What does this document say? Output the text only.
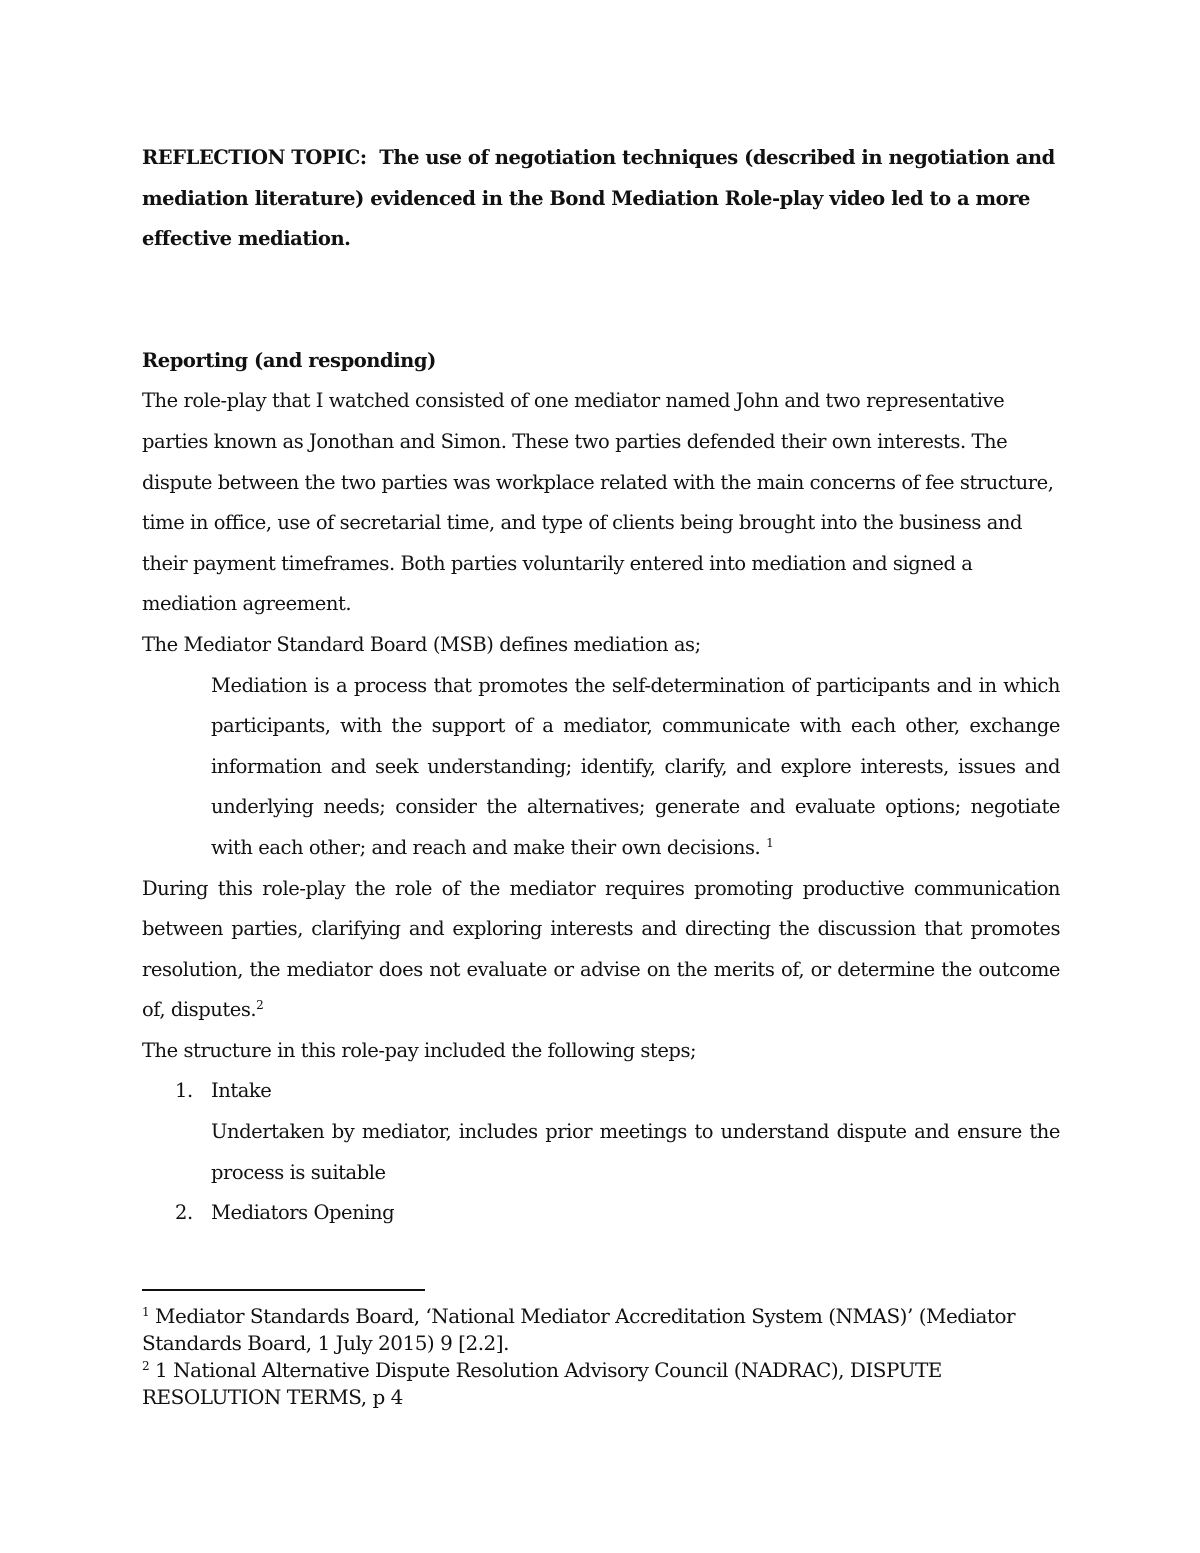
REFLECTION TOPIC: The use of negotiation techniques (described in negotiation and mediation literature) evidenced in the Bond Mediation Role-play video led to a more effective mediation.

Reporting (and responding)

The role-play that I watched consisted of one mediator named John and two representative parties known as Jonothan and Simon. These two parties defended their own interests. The dispute between the two parties was workplace related with the main concerns of fee structure, time in office, use of secretarial time, and type of clients being brought into the business and their payment timeframes. Both parties voluntarily entered into mediation and signed a mediation agreement.

The Mediator Standard Board (MSB) defines mediation as;

Mediation is a process that promotes the self-determination of participants and in which participants, with the support of a mediator, communicate with each other, exchange information and seek understanding; identify, clarify, and explore interests, issues and underlying needs; consider the alternatives; generate and evaluate options; negotiate with each other; and reach and make their own decisions. $^1$

During this role-play the role of the mediator requires promoting productive communication between parties, clarifying and exploring interests and directing the discussion that promotes resolution, the mediator does not evaluate or advise on the merits of, or determine the outcome of, disputes.$^2$

The structure in this role-pay included the following steps;

1. Intake
Undertaken by mediator, includes prior meetings to understand dispute and ensure the process is suitable
2. Mediators Opening

$^1$ Mediator Standards Board, ‘National Mediator Accreditation System (NMAS)’ (Mediator Standards Board, 1 July 2015) 9 [2.2].

$^2$ 1 National Alternative Dispute Resolution Advisory Council (NADRAC), DISPUTE RESOLUTION TERMS, p 4
